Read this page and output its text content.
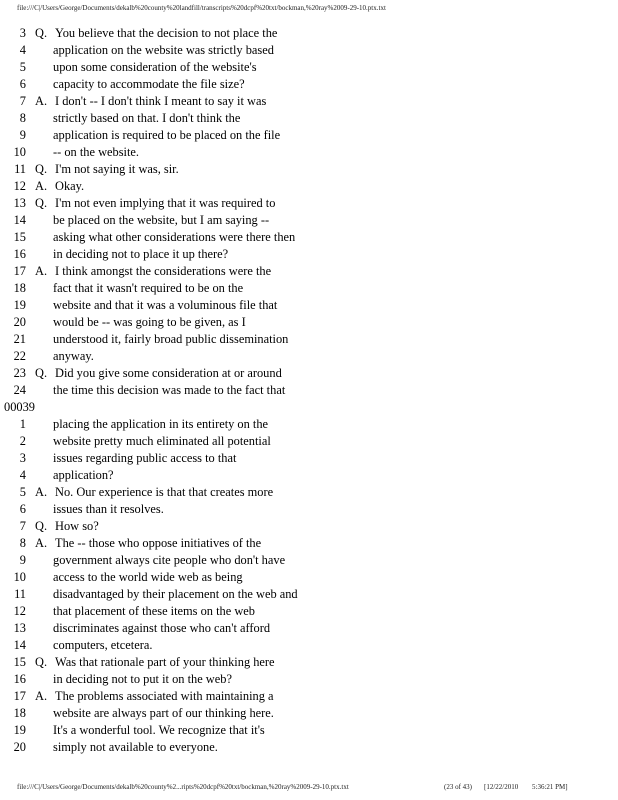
file:///C|/Users/George/Documents/dekalb%20county%20landfill/transcripts%20dcpf%20txt/bockman,%20ray%2009-29-10.ptx.txt
3 Q. You believe that the decision to not place the
4 application on the website was strictly based
5 upon some consideration of the website's
6 capacity to accommodate the file size?
7 A. I don't -- I don't think I meant to say it was
8 strictly based on that. I don't think the
9 application is required to be placed on the file
10 -- on the website.
11 Q. I'm not saying it was, sir.
12 A. Okay.
13 Q. I'm not even implying that it was required to
14 be placed on the website, but I am saying --
15 asking what other considerations were there then
16 in deciding not to place it up there?
17 A. I think amongst the considerations were the
18 fact that it wasn't required to be on the
19 website and that it was a voluminous file that
20 would be -- was going to be given, as I
21 understood it, fairly broad public dissemination
22 anyway.
23 Q. Did you give some consideration at or around
24 the time this decision was made to the fact that
00039
1 placing the application in its entirety on the
2 website pretty much eliminated all potential
3 issues regarding public access to that
4 application?
5 A. No. Our experience is that that creates more
6 issues than it resolves.
7 Q. How so?
8 A. The -- those who oppose initiatives of the
9 government always cite people who don't have
10 access to the world wide web as being
11 disadvantaged by their placement on the web and
12 that placement of these items on the web
13 discriminates against those who can't afford
14 computers, etcetera.
15 Q. Was that rationale part of your thinking here
16 in deciding not to put it on the web?
17 A. The problems associated with maintaining a
18 website are always part of our thinking here.
19 It's a wonderful tool. We recognize that it's
20 simply not available to everyone.
file:///C|/Users/George/Documents/dekalb%20county%2...ripts%20dcpf%20txt/bockman,%20ray%2009-29-10.ptx.txt	(23 of 43) [12/22/2010 5:36:21 PM]
